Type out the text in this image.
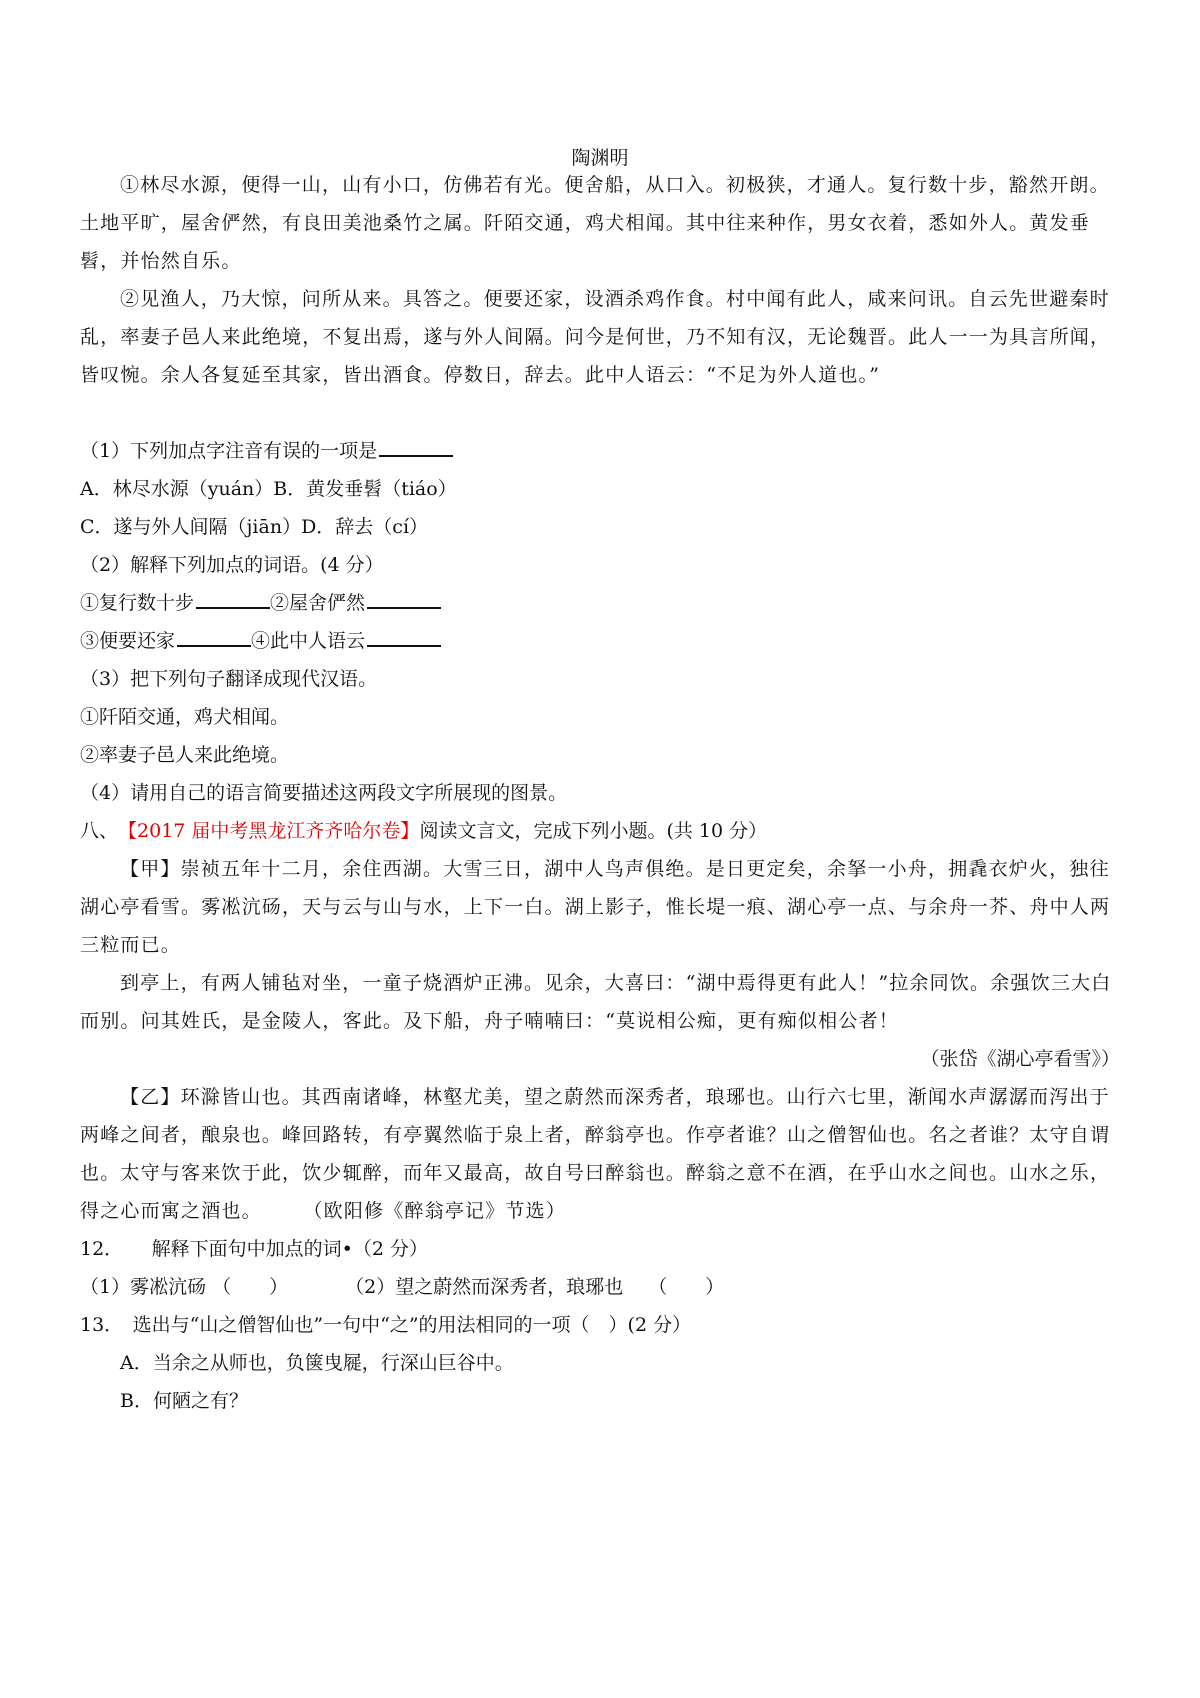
陶渊明

①林尽水源，便得一山，山有小口，仿佛若有光。便舍船，从口入。初极狭，才通人。复行数十步，豁然开朗。土地平旷，屋舍俨然，有良田美池桑竹之属。阡陌交通，鸡犬相闻。其中往来种作，男女衣着，悉如外人。黄发垂髫，并怡然自乐。

②见渔人，乃大惊，问所从来。具答之。便要还家，设酒杀鸡作食。村中闻有此人，咸来问讯。自云先世避秦时乱，率妻子邑人来此绝境，不复出焉，遂与外人间隔。问今是何世，乃不知有汉，无论魏晋。此人一一为具言所闻，皆叹惋。余人各复延至其家，皆出酒食。停数日，辞去。此中人语云：“不足为外人道也。”

（1）下列加点字注音有误的一项是

A．林尽水源（yuán）B．黄发垂髫（tiáo）

C．遂与外人间隔（jiān）D．辞去（cí）

（2）解释下列加点的词语。(4 分）

①复行数十步	②屋舍俨然

③便要还家	④此中人语云

（3）把下列句子翻译成现代汉语。

①阡陌交通，鸡犬相闻。

②率妻子邑人来此绝境。

（4）请用自己的语言简要描述这两段文字所展现的图景。

八、　 【2017 届中考黑龙江齐齐哈尔卷】阅读文言文，完成下列小题。(共 10 分）

【甲】崇祯五年十二月，余住西湖。大雪三日，湖中人鸟声俱绝。是日更定矣，余拏一小舟，拥毳衣炉火，独往湖心亭看雪。雾凇沆砀，天与云与山与水，上下一白。湖上影子，惟长堤一痕、湖心亭一点、与余舟一芥、舟中人两三粒而已。

到亭上，有两人铺毡对坐，一童子烧酒炉正沸。见余，大喜曰：“湖中焉得更有此人！”拉余同饮。余强饮三大白而别。问其姓氏，是金陵人，客此。及下船，舟子喃喃曰：“莫说相公痴，更有痴似相公者！

（张岱《湖心亭看雪》）

【乙】环滁皆山也。其西南诸峰，林壑尤美，望之蔚然而深秀者，琅琊也。山行六七里，渐闻水声潺潺而泻出于两峰之间者，酿泉也。峰回路转，有亭翼然临于泉上者，醉翁亭也。作亭者谁？山之僧智仙也。名之者谁？太守自谓也。太守与客来饮于此，饮少辄醉，而年又最高，故自号曰醉翁也。醉翁之意不在酒，在乎山水之间也。山水之乐，得之心而寓之酒也。　　　	（欧阳修《醉翁亭记》节选）

12．　　解释下面句中加点的词•（2 分）

（1）雾凇沆砀 （　　）　　　　	（2）望之蔚然而深秀者，琅琊也　 （　　）

13．　选出与“山之僧智仙也”一句中“之”的用法相同的一项（　）(2 分）

A．当余之从师也，负箧曳屣，行深山巨谷中。

B．何陋之有？
